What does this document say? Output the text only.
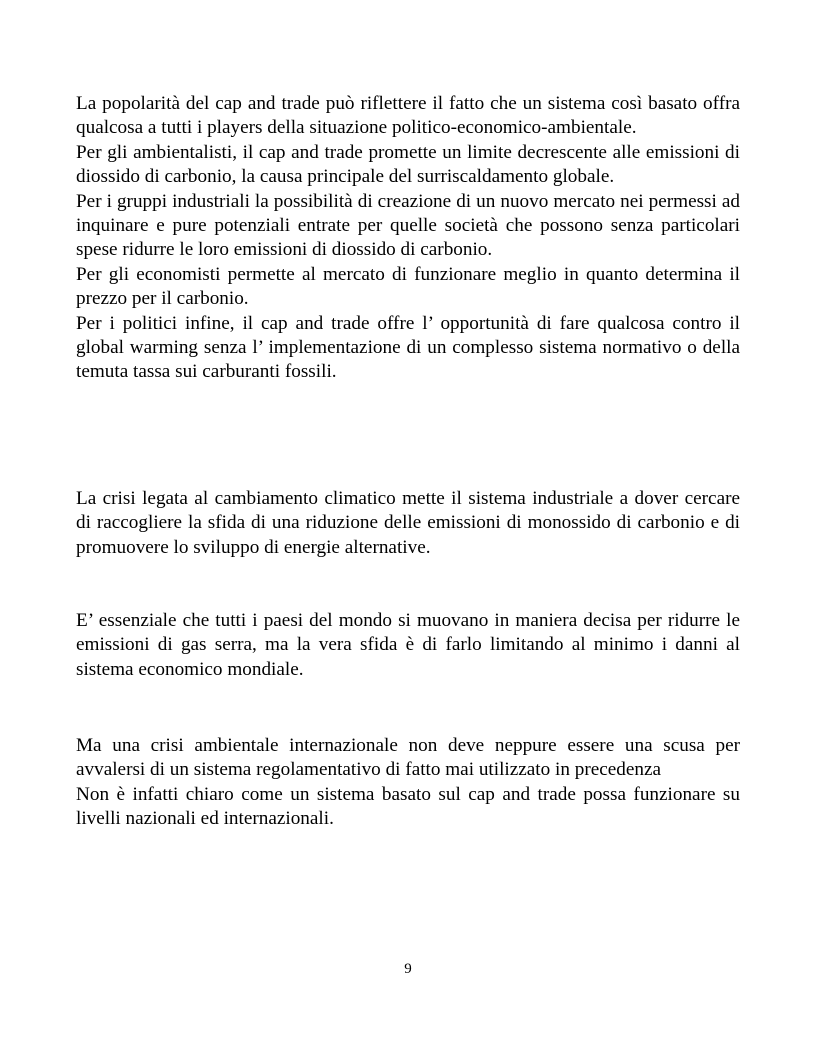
La popolarità del cap and trade può riflettere il fatto che un sistema così basato offra qualcosa a tutti i players della situazione politico-economico-ambientale.

Per gli ambientalisti, il cap and trade promette un limite decrescente alle emissioni di diossido di carbonio, la causa principale del surriscaldamento globale.

Per i gruppi industriali la possibilità di creazione di un nuovo mercato nei permessi ad inquinare e pure potenziali entrate per quelle società che possono senza particolari spese ridurre le loro emissioni di diossido di carbonio.

Per gli economisti permette al mercato di funzionare meglio in quanto determina il prezzo per il carbonio.

Per i politici infine, il cap and trade offre l’ opportunità di fare qualcosa contro il global warming senza l’ implementazione di un complesso sistema normativo o della temuta tassa sui carburanti fossili.

La crisi legata al cambiamento climatico mette il sistema industriale a dover cercare di raccogliere la sfida di una riduzione delle emissioni di monossido di carbonio e di promuovere lo sviluppo di energie alternative.

E’ essenziale che tutti i paesi del mondo si muovano in maniera decisa per ridurre le emissioni di gas serra, ma la vera sfida è di farlo limitando al minimo i danni al sistema economico mondiale.

Ma una crisi ambientale internazionale non deve neppure essere una scusa per avvalersi di un sistema regolamentativo di fatto mai utilizzato in precedenza

Non è infatti chiaro come un sistema basato sul cap and trade possa funzionare su livelli nazionali ed internazionali.

9
